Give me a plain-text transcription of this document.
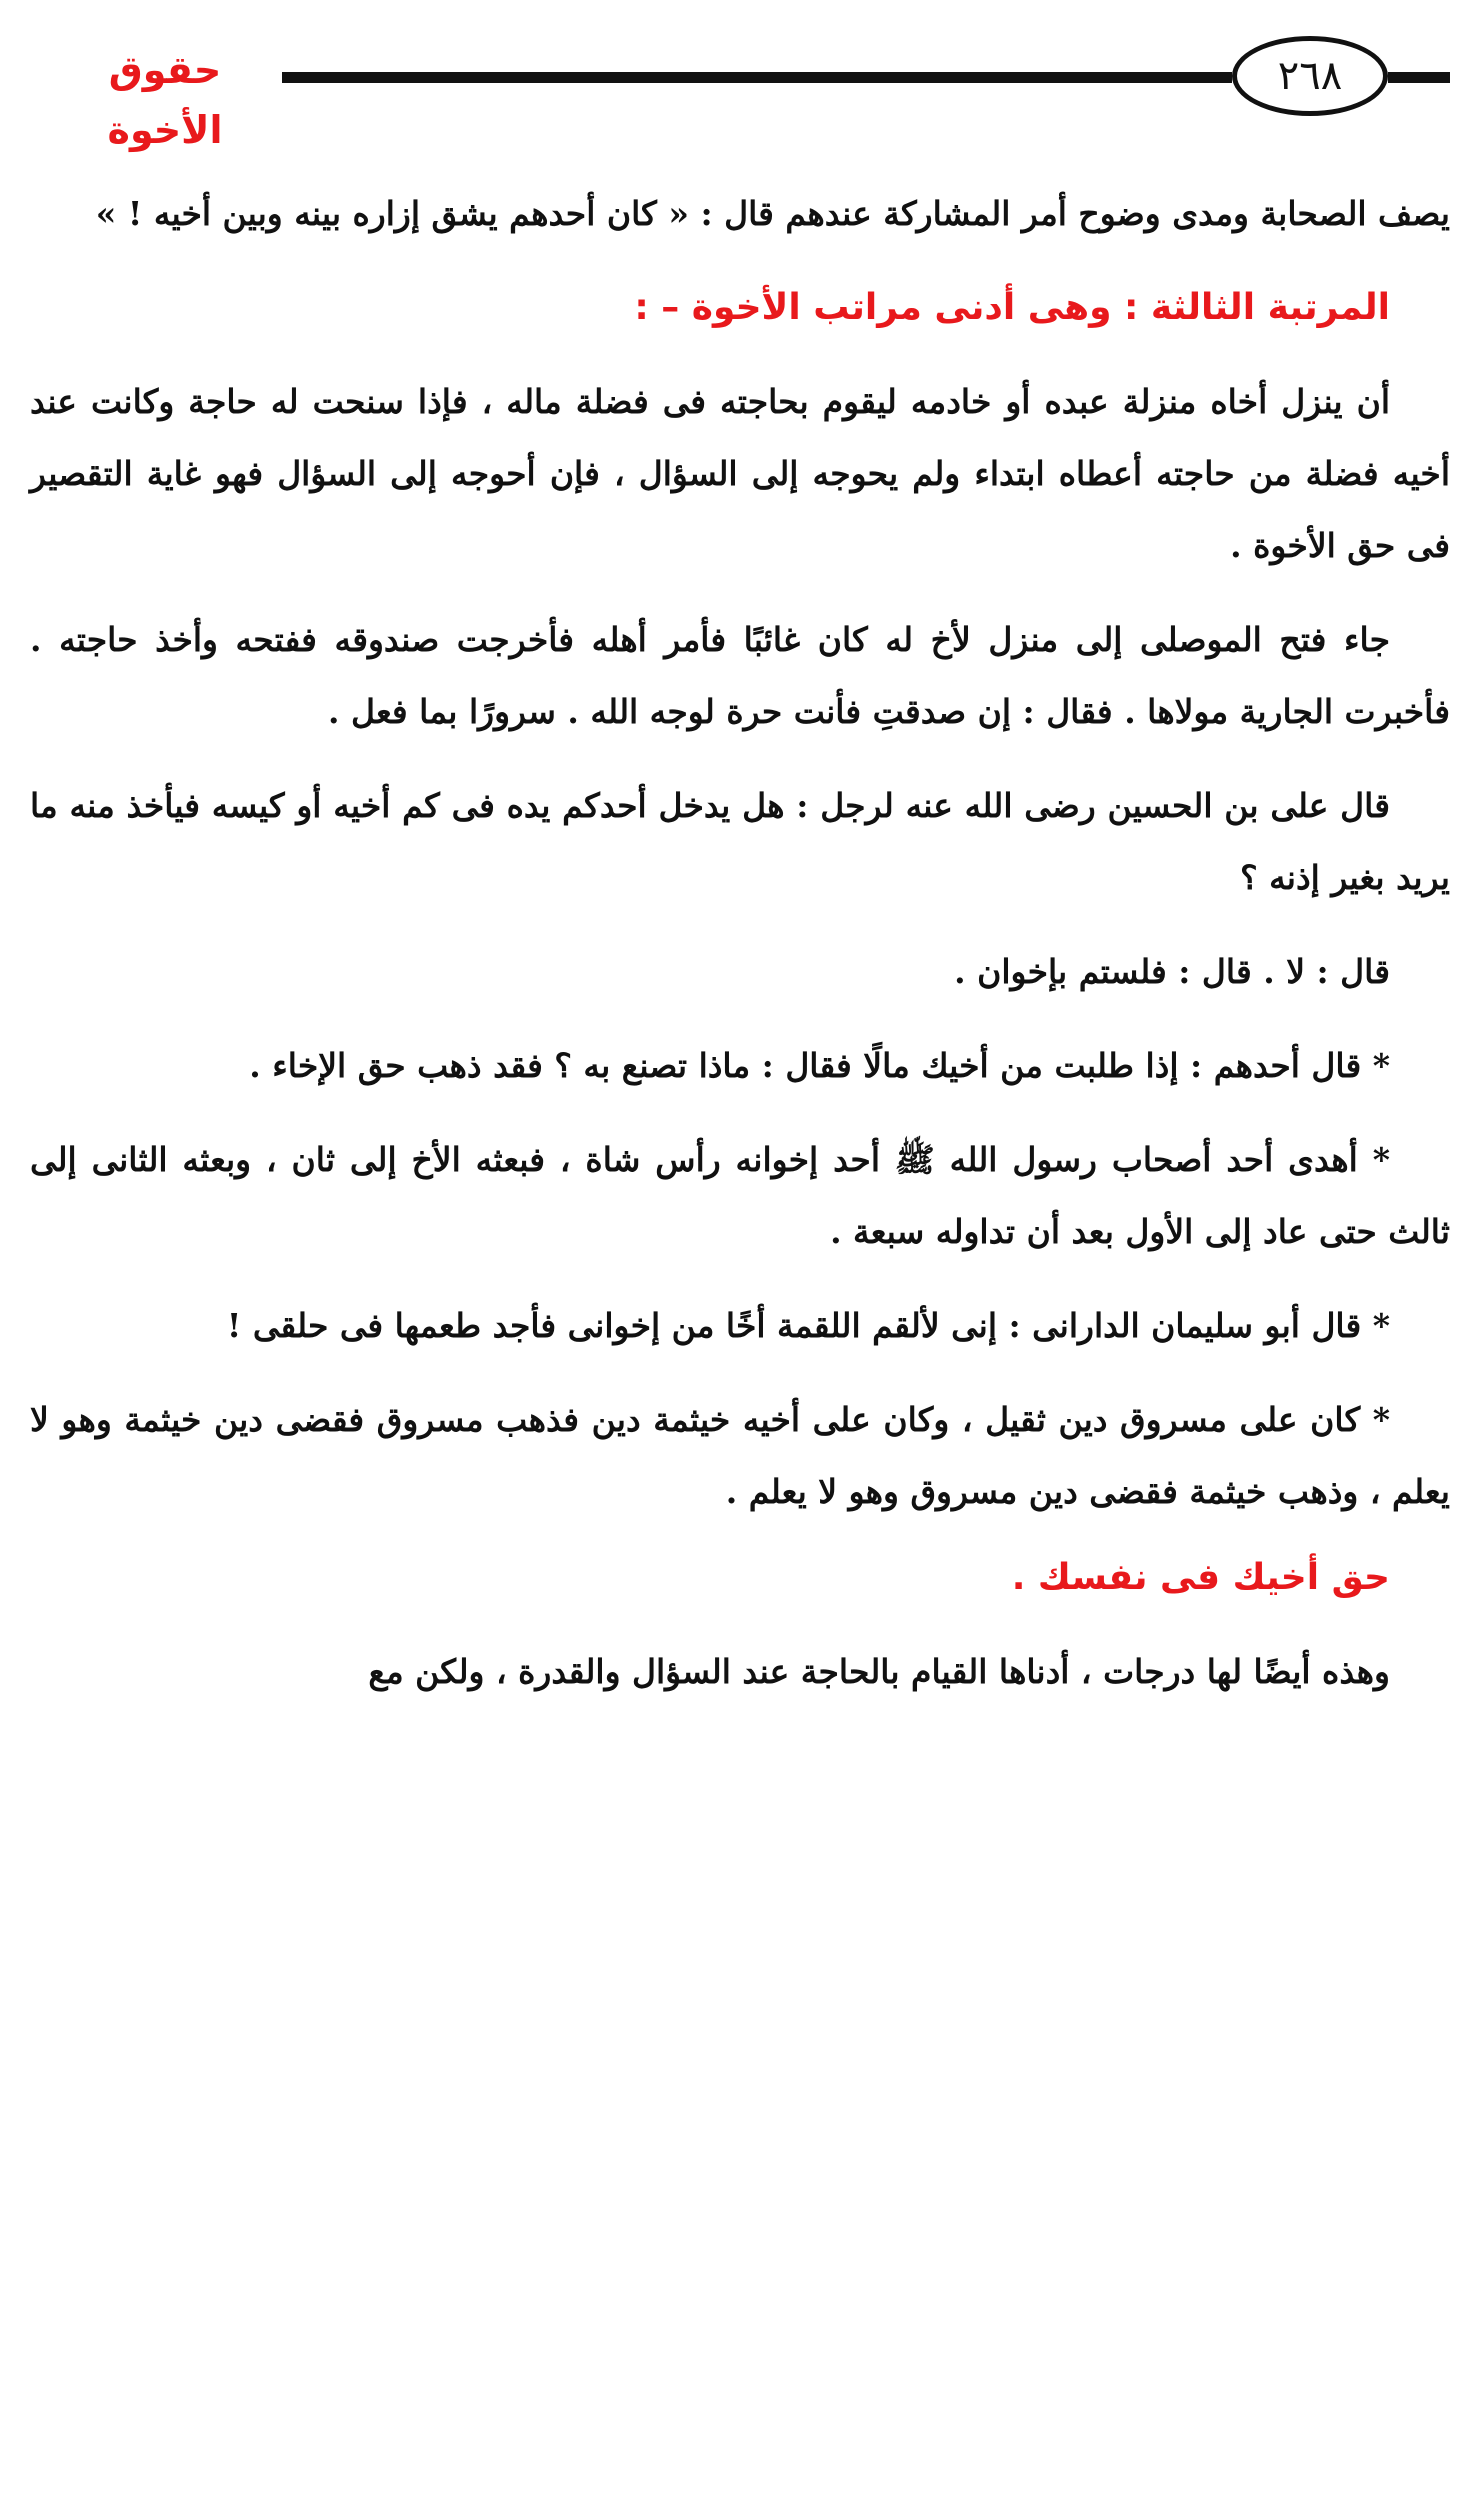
حقوق الأخوة
٢٦٨

يصف الصحابة ومدى وضوح أمر المشاركة عندهم قال : « كان أحدهم يشق إزاره بينه وبين أخيه ! »

المرتبة الثالثة : وهى أدنى مراتب الأخوة – :

أن ينزل أخاه منزلة عبده أو خادمه ليقوم بحاجته فى فضلة ماله ، فإذا سنحت له حاجة وكانت عند أخيه فضلة من حاجته أعطاه ابتداء ولم يحوجه إلى السؤال ، فإن أحوجه إلى السؤال فهو غاية التقصير فى حق الأخوة .

جاء فتح الموصلى إلى منزل لأخ له كان غائبًا فأمر أهله فأخرجت صندوقه ففتحه وأخذ حاجته . فأخبرت الجارية مولاها . فقال : إن صدقتِ فأنت حرة لوجه الله . سرورًا بما فعل .

قال على بن الحسين رضى الله عنه لرجل : هل يدخل أحدكم يده فى كم أخيه أو كيسه فيأخذ منه ما يريد بغير إذنه ؟

قال : لا . قال : فلستم بإخوان .

* قال أحدهم : إذا طلبت من أخيك مالًا فقال : ماذا تصنع به ؟ فقد ذهب حق الإخاء .

* أهدى أحد أصحاب رسول الله ﷺ أحد إخوانه رأس شاة ، فبعثه الأخ إلى ثان ، وبعثه الثانى إلى ثالث حتى عاد إلى الأول بعد أن تداوله سبعة .

* قال أبو سليمان الدارانى : إنى لألقم اللقمة أخًا من إخوانى فأجد طعمها فى حلقى !

* كان على مسروق دين ثقيل ، وكان على أخيه خيثمة دين فذهب مسروق فقضى دين خيثمة وهو لا يعلم ، وذهب خيثمة فقضى دين مسروق وهو لا يعلم .

حق أخيك فى نفسك .

وهذه أيضًا لها درجات ، أدناها القيام بالحاجة عند السؤال والقدرة ، ولكن مع
